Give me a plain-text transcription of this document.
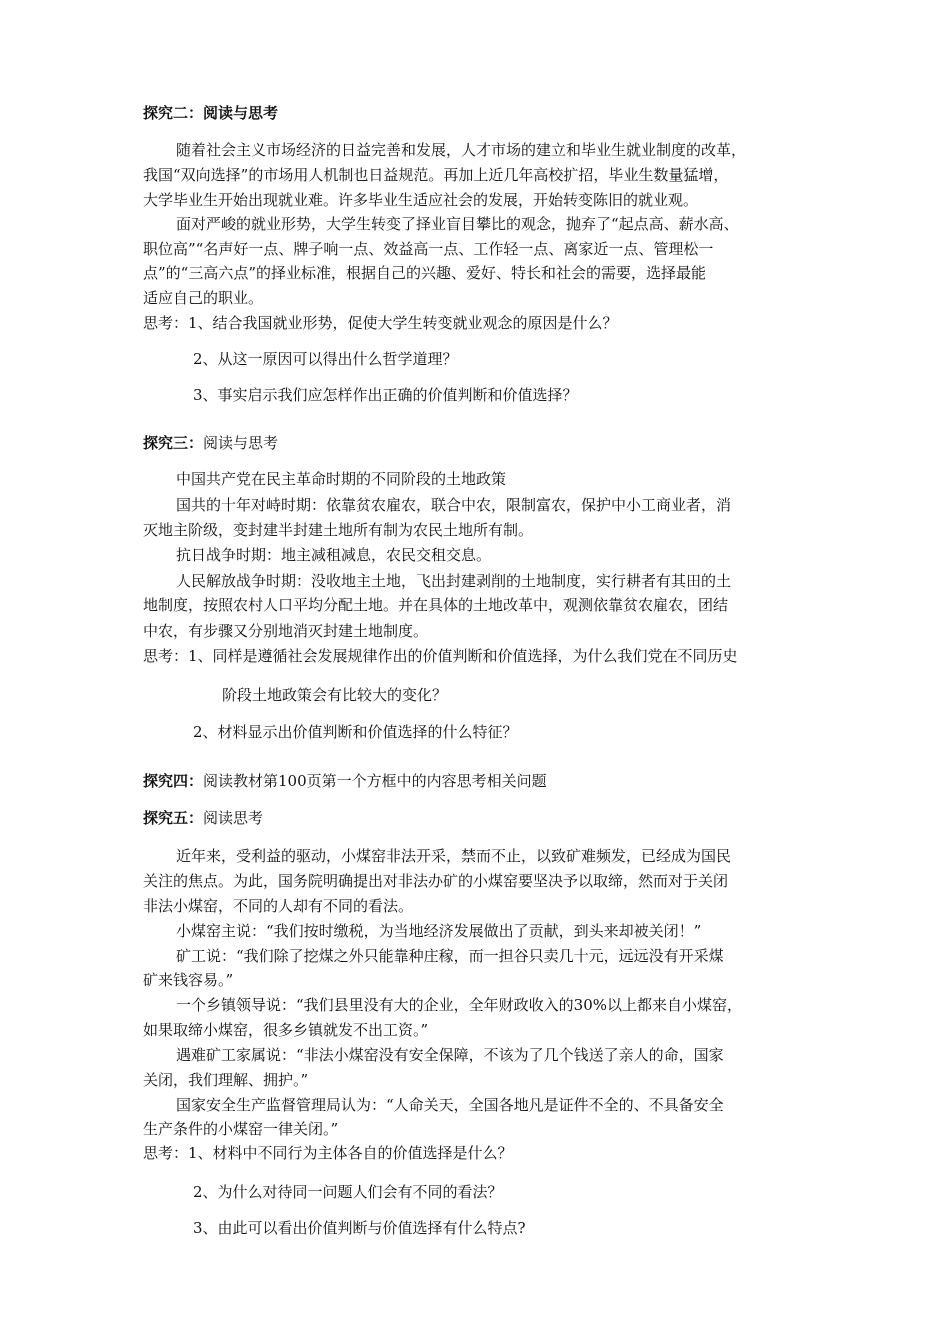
探究二：阅读与思考

随着社会主义市场经济的日益完善和发展，人才市场的建立和毕业生就业制度的改革，

我国“双向选择”的市场用人机制也日益规范。再加上近几年高校扩招，毕业生数量猛增，

大学毕业生开始出现就业难。许多毕业生适应社会的发展，开始转变陈旧的就业观。

面对严峻的就业形势，大学生转变了择业盲目攀比的观念，抛弃了“起点高、薪水高、

职位高”“名声好一点、牌子响一点、效益高一点、工作轻一点、离家近一点、管理松一

点”的“三高六点”的择业标准，根据自己的兴趣、爱好、特长和社会的需要，选择最能

适应自己的职业。

思考：1、结合我国就业形势，促使大学生转变就业观念的原因是什么？

2、从这一原因可以得出什么哲学道理？

3、事实启示我们应怎样作出正确的价值判断和价值选择？

探究三：阅读与思考

中国共产党在民主革命时期的不同阶段的土地政策

国共的十年对峙时期：依靠贫农雇农，联合中农，限制富农，保护中小工商业者，消

灭地主阶级，变封建半封建土地所有制为农民土地所有制。

抗日战争时期：地主减租减息，农民交租交息。

人民解放战争时期：没收地主土地，飞出封建剥削的土地制度，实行耕者有其田的土

地制度，按照农村人口平均分配土地。并在具体的土地改革中，观测依靠贫农雇农，团结

中农，有步骤又分别地消灭封建土地制度。

思考：1、同样是遵循社会发展规律作出的价值判断和价值选择，为什么我们党在不同历史

阶段土地政策会有比较大的变化？

2、材料显示出价值判断和价值选择的什么特征？

探究四：阅读教材第100页第一个方框中的内容思考相关问题

探究五：阅读思考

近年来，受利益的驱动，小煤窑非法开采，禁而不止，以致矿难频发，已经成为国民

关注的焦点。为此，国务院明确提出对非法办矿的小煤窑要坚决予以取缔，然而对于关闭

非法小煤窑，不同的人却有不同的看法。

小煤窑主说：“我们按时缴税，为当地经济发展做出了贡献，到头来却被关闭！”

矿工说：“我们除了挖煤之外只能靠种庄稼，而一担谷只卖几十元，远远没有开采煤

矿来钱容易。”

一个乡镇领导说：“我们县里没有大的企业，全年财政收入的30%以上都来自小煤窑，

如果取缔小煤窑，很多乡镇就发不出工资。”

遇难矿工家属说：“非法小煤窑没有安全保障，不该为了几个钱送了亲人的命，国家

关闭，我们理解、拥护。”

国家安全生产监督管理局认为：“人命关天，全国各地凡是证件不全的、不具备安全

生产条件的小煤窑一律关闭。”

思考：1、材料中不同行为主体各自的价值选择是什么？

2、为什么对待同一问题人们会有不同的看法？

3、由此可以看出价值判断与价值选择有什么特点?
